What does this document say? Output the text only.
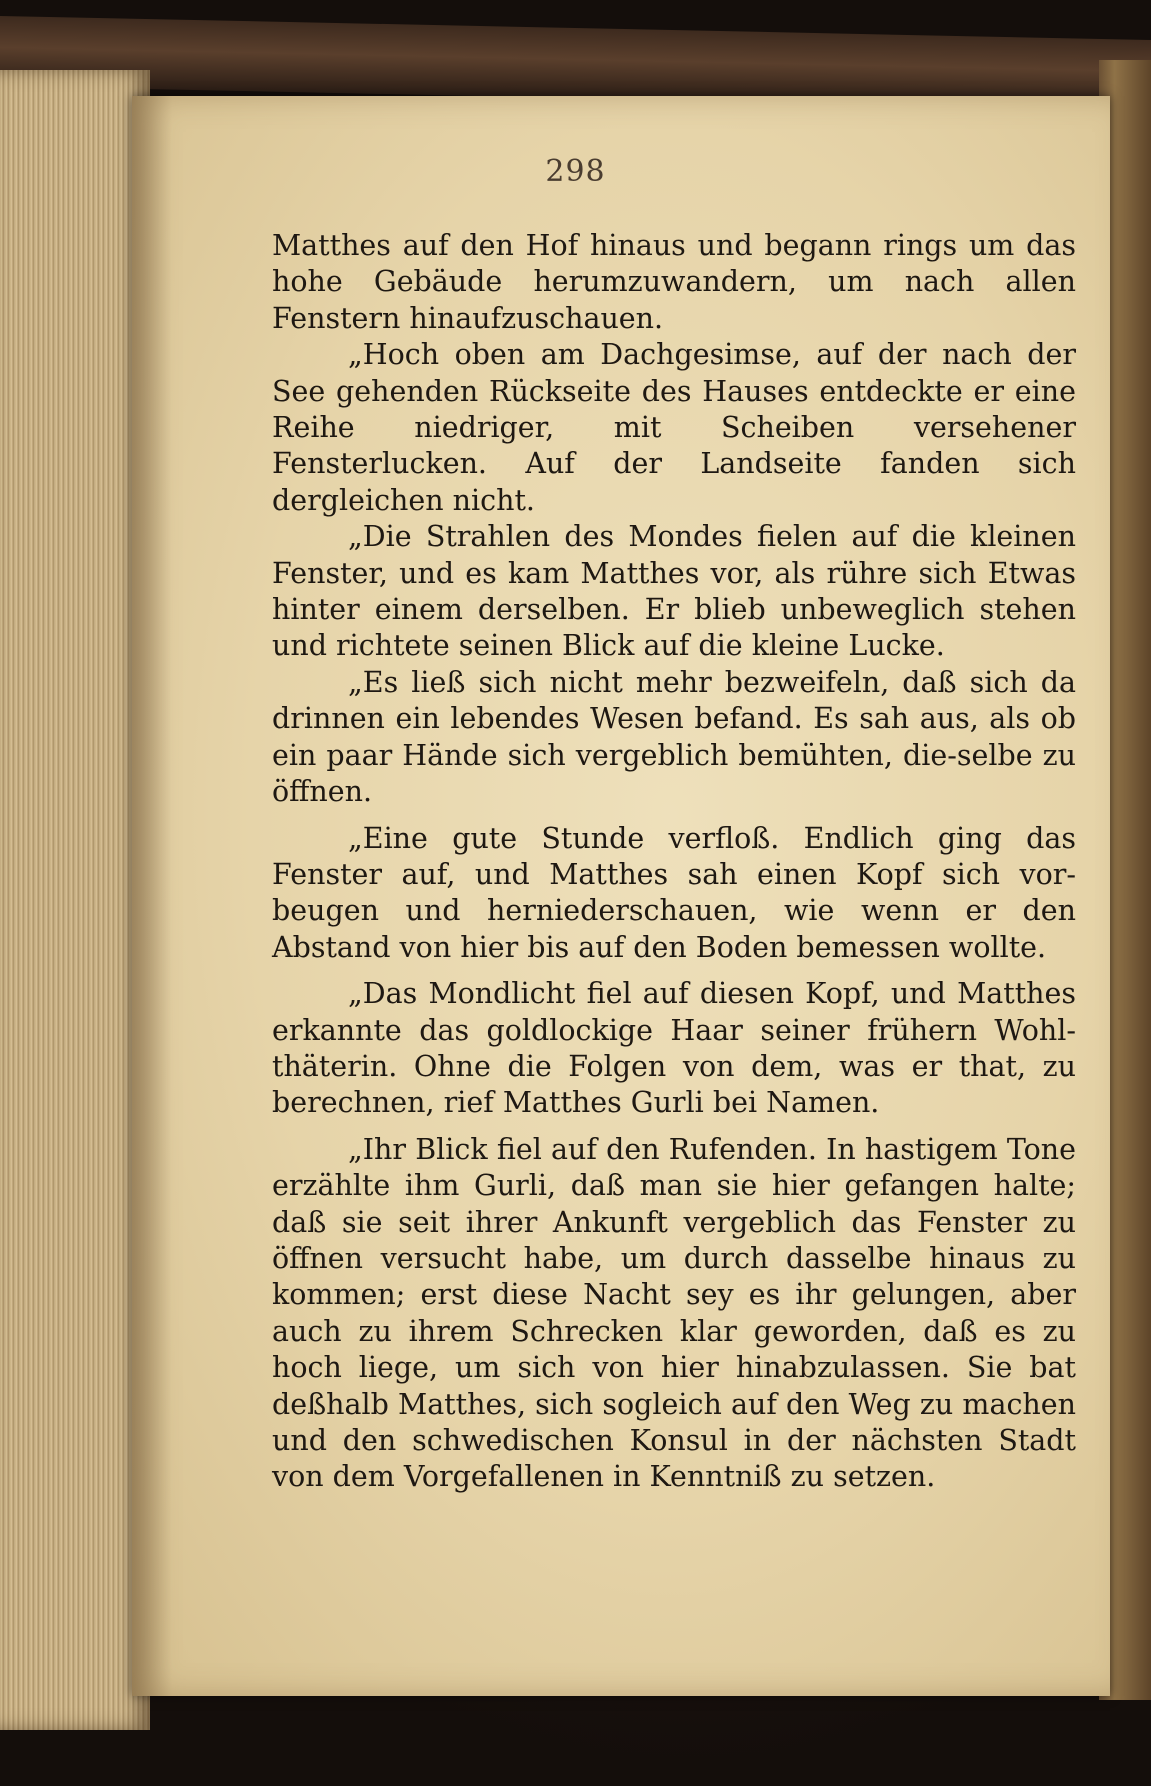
298

Matthes auf den Hof hinaus und begann rings um das hohe Gebäude herumzuwandern, um nach allen Fenstern hinaufzuschauen.

„Hoch oben am Dachgesimse, auf der nach der See gehenden Rückseite des Hauses entdeckte er eine Reihe niedriger, mit Scheiben versehener Fensterlucken. Auf der Landseite fanden sich dergleichen nicht.

„Die Strahlen des Mondes fielen auf die kleinen Fenster, und es kam Matthes vor, als rühre sich Etwas hinter einem derselben. Er blieb unbeweglich stehen und richtete seinen Blick auf die kleine Lucke.

„Es ließ sich nicht mehr bezweifeln, daß sich da drinnen ein lebendes Wesen befand. Es sah aus, als ob ein paar Hände sich vergeblich bemühten, die-selbe zu öffnen.

„Eine gute Stunde verfloß. Endlich ging das Fenster auf, und Matthes sah einen Kopf sich vor-beugen und herniederschauen, wie wenn er den Abstand von hier bis auf den Boden bemessen wollte.

„Das Mondlicht fiel auf diesen Kopf, und Matthes erkannte das goldlockige Haar seiner frühern Wohl-thäterin. Ohne die Folgen von dem, was er that, zu berechnen, rief Matthes Gurli bei Namen.

„Ihr Blick fiel auf den Rufenden. In hastigem Tone erzählte ihm Gurli, daß man sie hier gefangen halte; daß sie seit ihrer Ankunft vergeblich das Fenster zu öffnen versucht habe, um durch dasselbe hinaus zu kommen; erst diese Nacht sey es ihr gelungen, aber auch zu ihrem Schrecken klar geworden, daß es zu hoch liege, um sich von hier hinabzulassen. Sie bat deßhalb Matthes, sich sogleich auf den Weg zu machen und den schwedischen Konsul in der nächsten Stadt von dem Vorgefallenen in Kenntniß zu setzen.
